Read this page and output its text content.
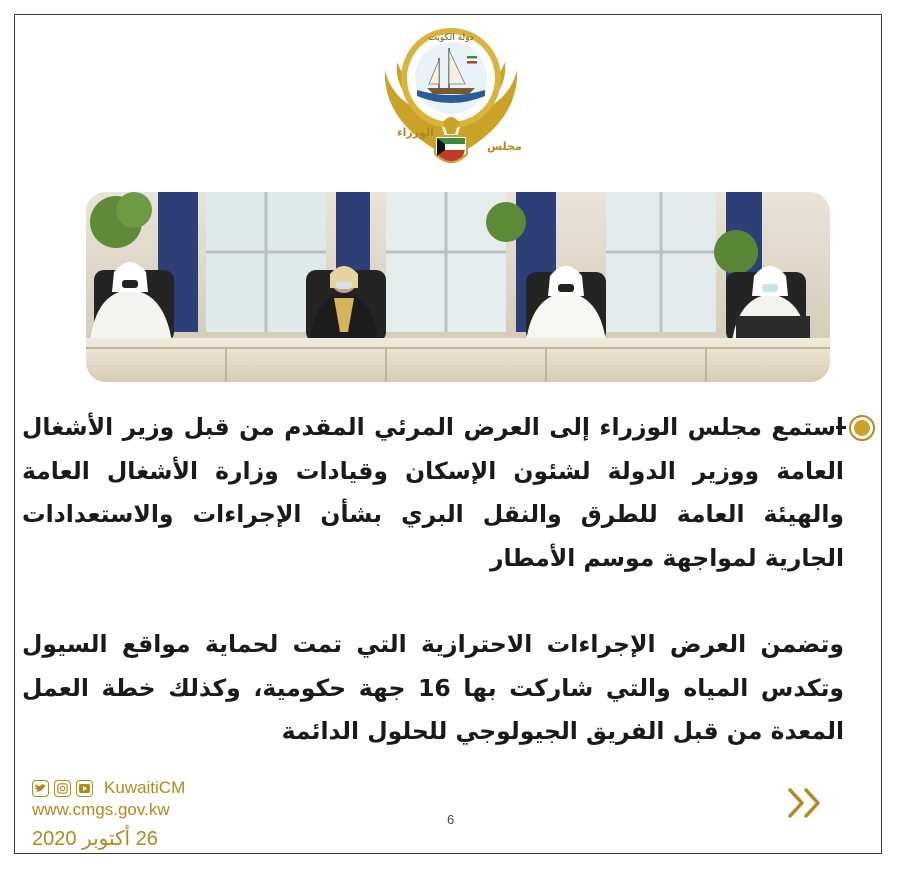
دولة الكويت
الوزراء
مجلس

استمع مجلس الوزراء إلى العرض المرئي المقدم من قبل وزير الأشغال العامة ووزير الدولة لشئون الإسكان وقيادات وزارة الأشغال العامة والهيئة العامة للطرق والنقل البري بشأن الإجراءات والاستعدادات الجارية لمواجهة موسم الأمطار

وتضمن العرض الإجراءات الاحترازية التي تمت لحماية مواقع السيول وتكدس المياه والتي شاركت بها 16 جهة حكومية، وكذلك خطة العمل المعدة من قبل الفريق الجيولوجي للحلول الدائمة

KuwaitiCM
www.cmgs.gov.kw
26 أكتوبر 2020
6
